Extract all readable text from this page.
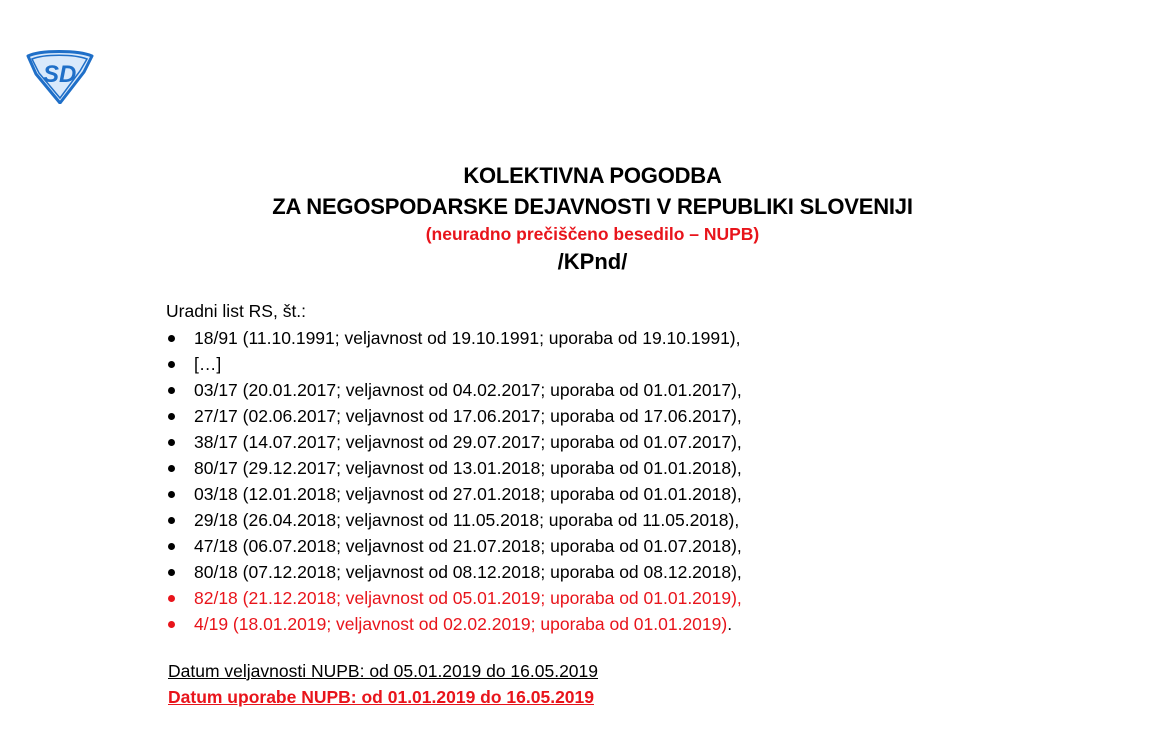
SD
KOLEKTIVNA POGODBA
ZA NEGOSPODARSKE DEJAVNOSTI V REPUBLIKI SLOVENIJI
(neuradno prečiščeno besedilo – NUPB)
/KPnd/
Uradni list RS, št.:
18/91 (11.10.1991; veljavnost od 19.10.1991; uporaba od 19.10.1991),
[…]
03/17 (20.01.2017; veljavnost od 04.02.2017; uporaba od 01.01.2017),
27/17 (02.06.2017; veljavnost od 17.06.2017; uporaba od 17.06.2017),
38/17 (14.07.2017; veljavnost od 29.07.2017; uporaba od 01.07.2017),
80/17 (29.12.2017; veljavnost od 13.01.2018; uporaba od 01.01.2018),
03/18 (12.01.2018; veljavnost od 27.01.2018; uporaba od 01.01.2018),
29/18 (26.04.2018; veljavnost od 11.05.2018; uporaba od 11.05.2018),
47/18 (06.07.2018; veljavnost od 21.07.2018; uporaba od 01.07.2018),
80/18 (07.12.2018; veljavnost od 08.12.2018; uporaba od 08.12.2018),
82/18 (21.12.2018; veljavnost od 05.01.2019; uporaba od 01.01.2019),
4/19 (18.01.2019; veljavnost od 02.02.2019; uporaba od 01.01.2019).
Datum veljavnosti NUPB: od 05.01.2019 do 16.05.2019
Datum uporabe NUPB: od 01.01.2019 do 16.05.2019
